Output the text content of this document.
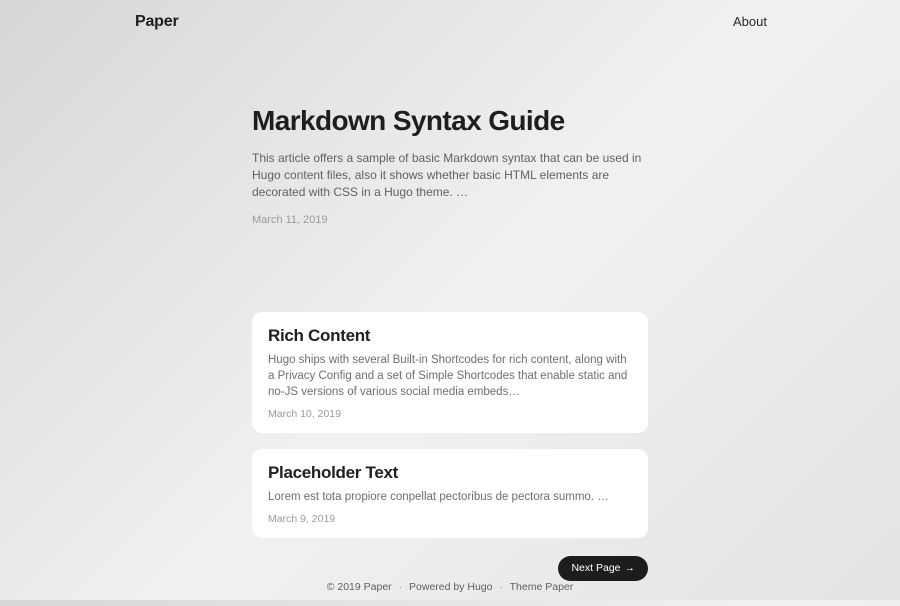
Paper	About
Markdown Syntax Guide

This article offers a sample of basic Markdown syntax that can be used in Hugo content files, also it shows whether basic HTML elements are decorated with CSS in a Hugo theme. …

March 11, 2019
Rich Content

Hugo ships with several Built-in Shortcodes for rich content, along with a Privacy Config and a set of Simple Shortcodes that enable static and no-JS versions of various social media embeds…

March 10, 2019
Placeholder Text

Lorem est tota propiore conpellat pectoribus de pectora summo. …

March 9, 2019
Next Page →
© 2019 Paper · Powered by Hugo · Theme Paper
